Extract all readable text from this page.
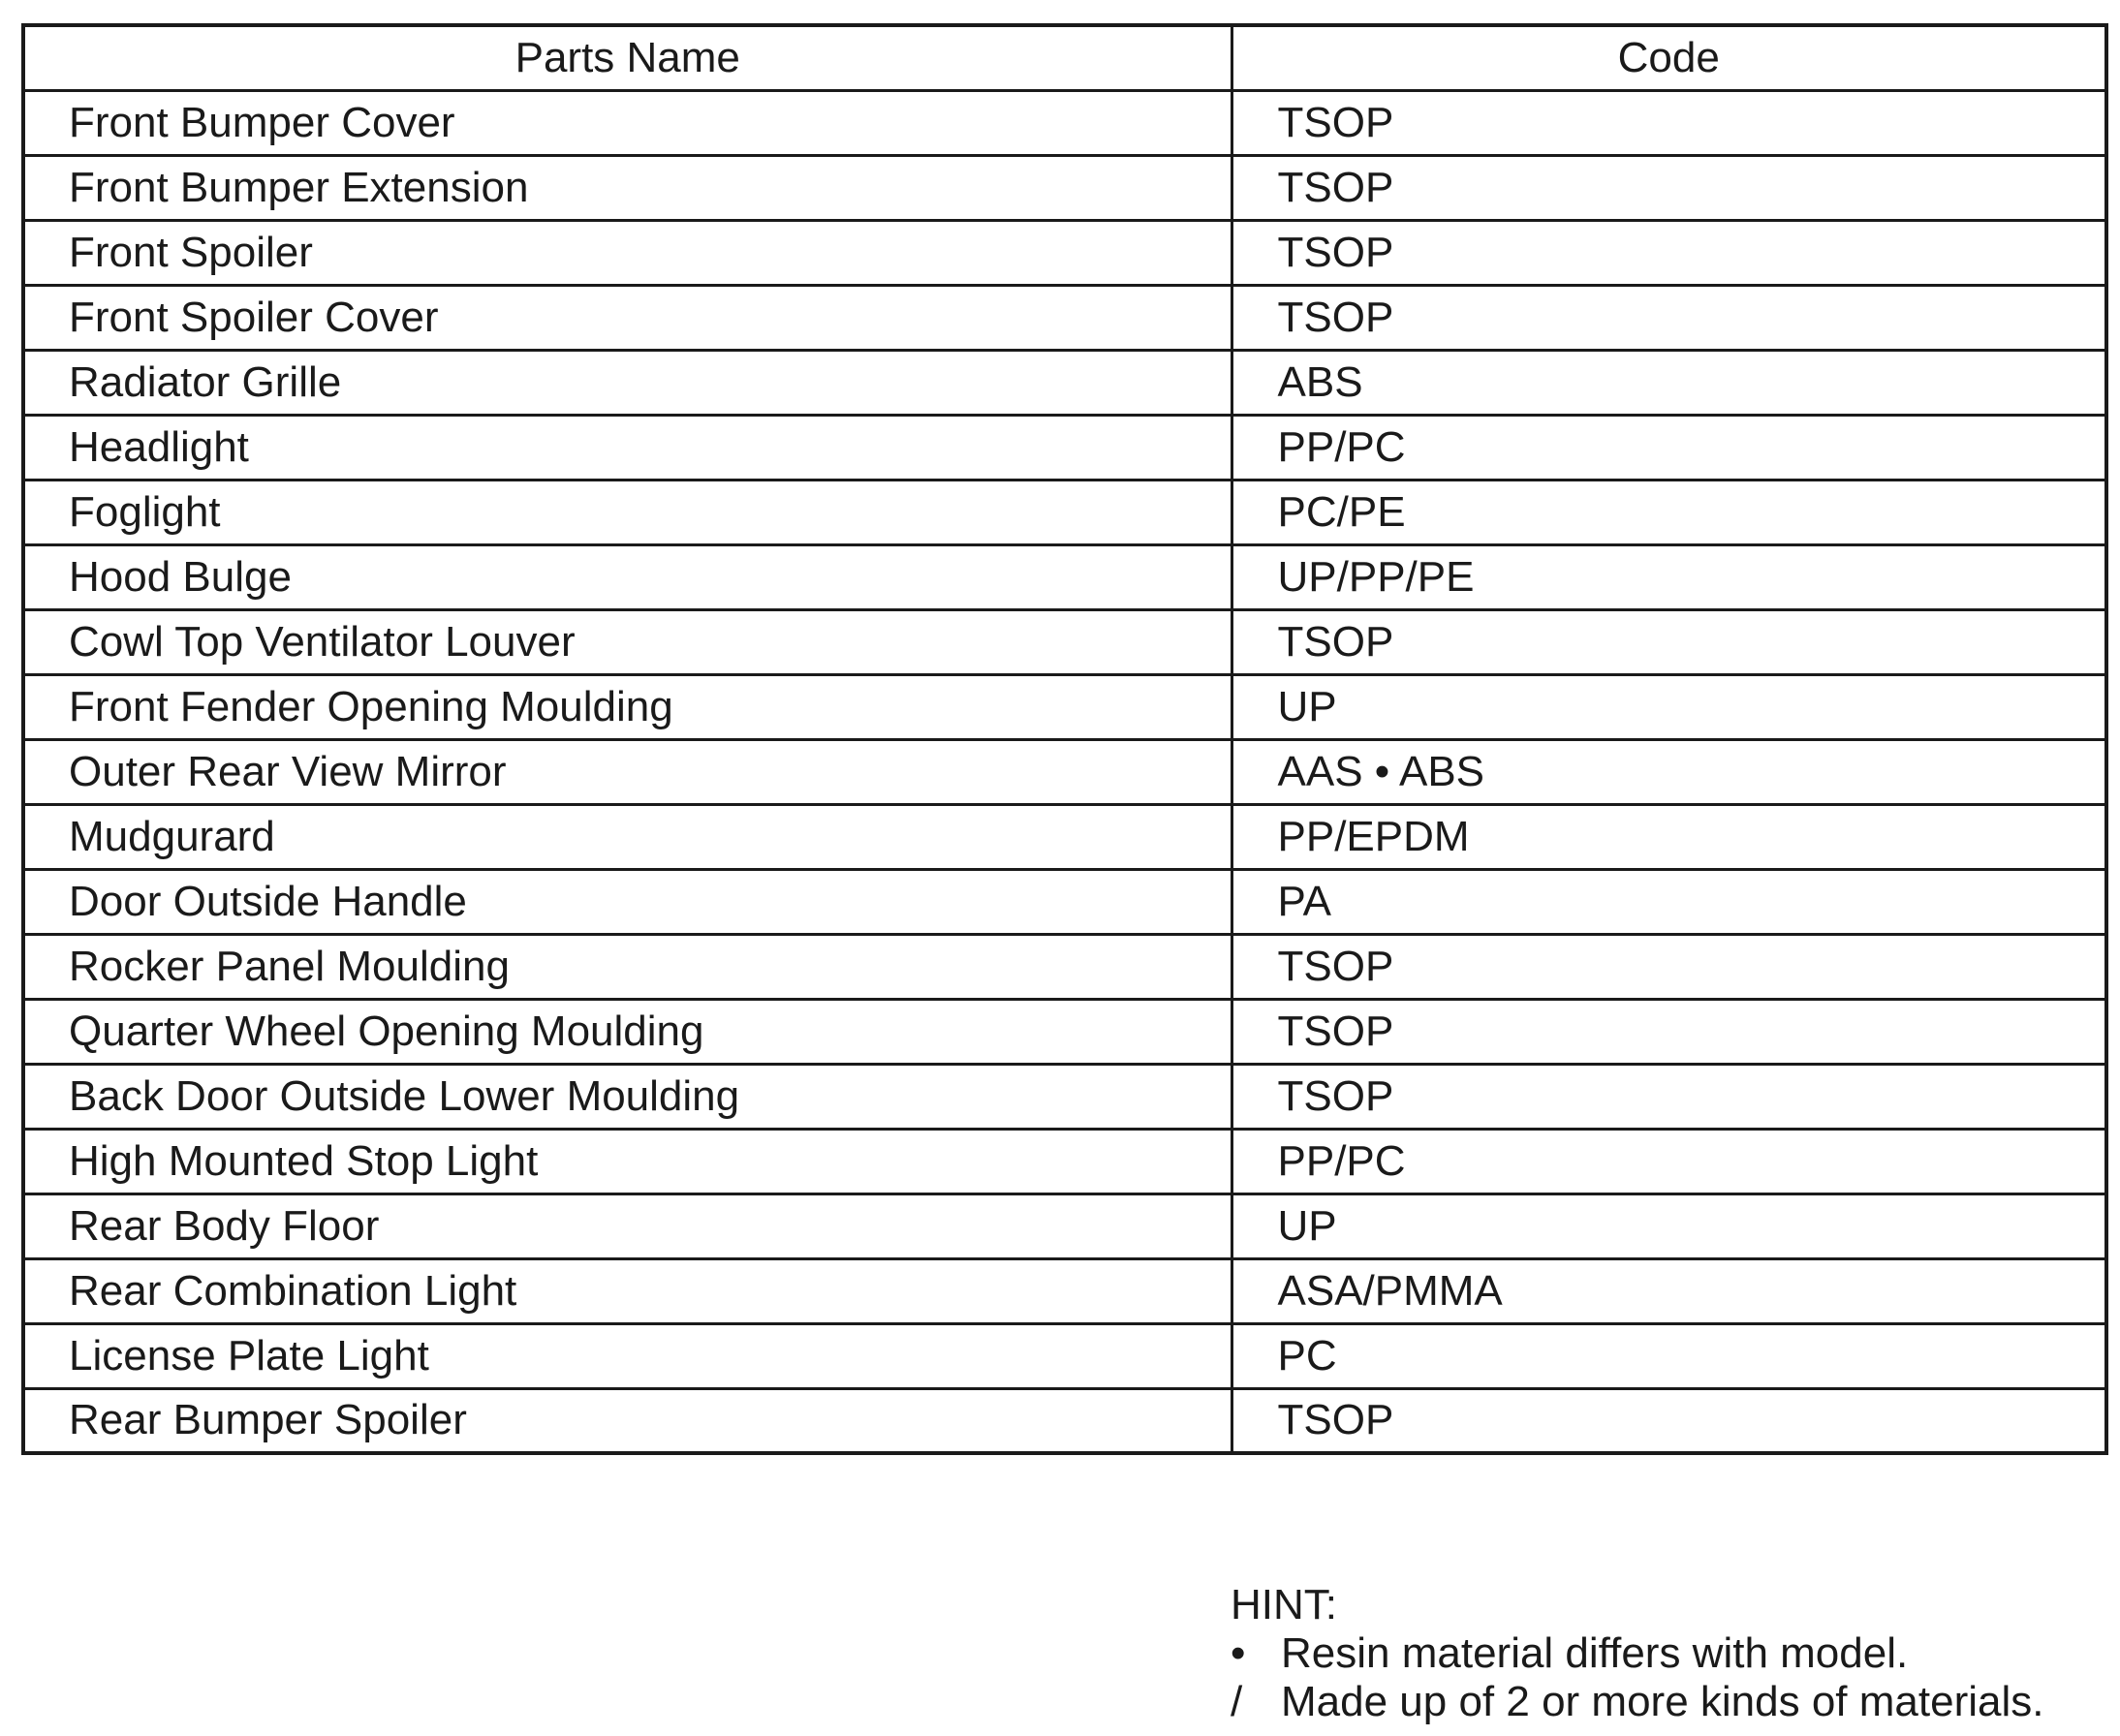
Parts Name	Code
Front Bumper Cover	TSOP
Front Bumper Extension	TSOP
Front Spoiler	TSOP
Front Spoiler Cover	TSOP
Radiator Grille	ABS
Headlight	PP/PC
Foglight	PC/PE
Hood Bulge	UP/PP/PE
Cowl Top Ventilator Louver	TSOP
Front Fender Opening Moulding	UP
Outer Rear View Mirror	AAS • ABS
Mudgurard	PP/EPDM
Door Outside Handle	PA
Rocker Panel Moulding	TSOP
Quarter Wheel Opening Moulding	TSOP
Back Door Outside Lower Moulding	TSOP
High Mounted Stop Light	PP/PC
Rear Body Floor	UP
Rear Combination Light	ASA/PMMA
License Plate Light	PC
Rear Bumper Spoiler	TSOP
HINT:
• Resin material differs with model.
/ Made up of 2 or more kinds of materials.
